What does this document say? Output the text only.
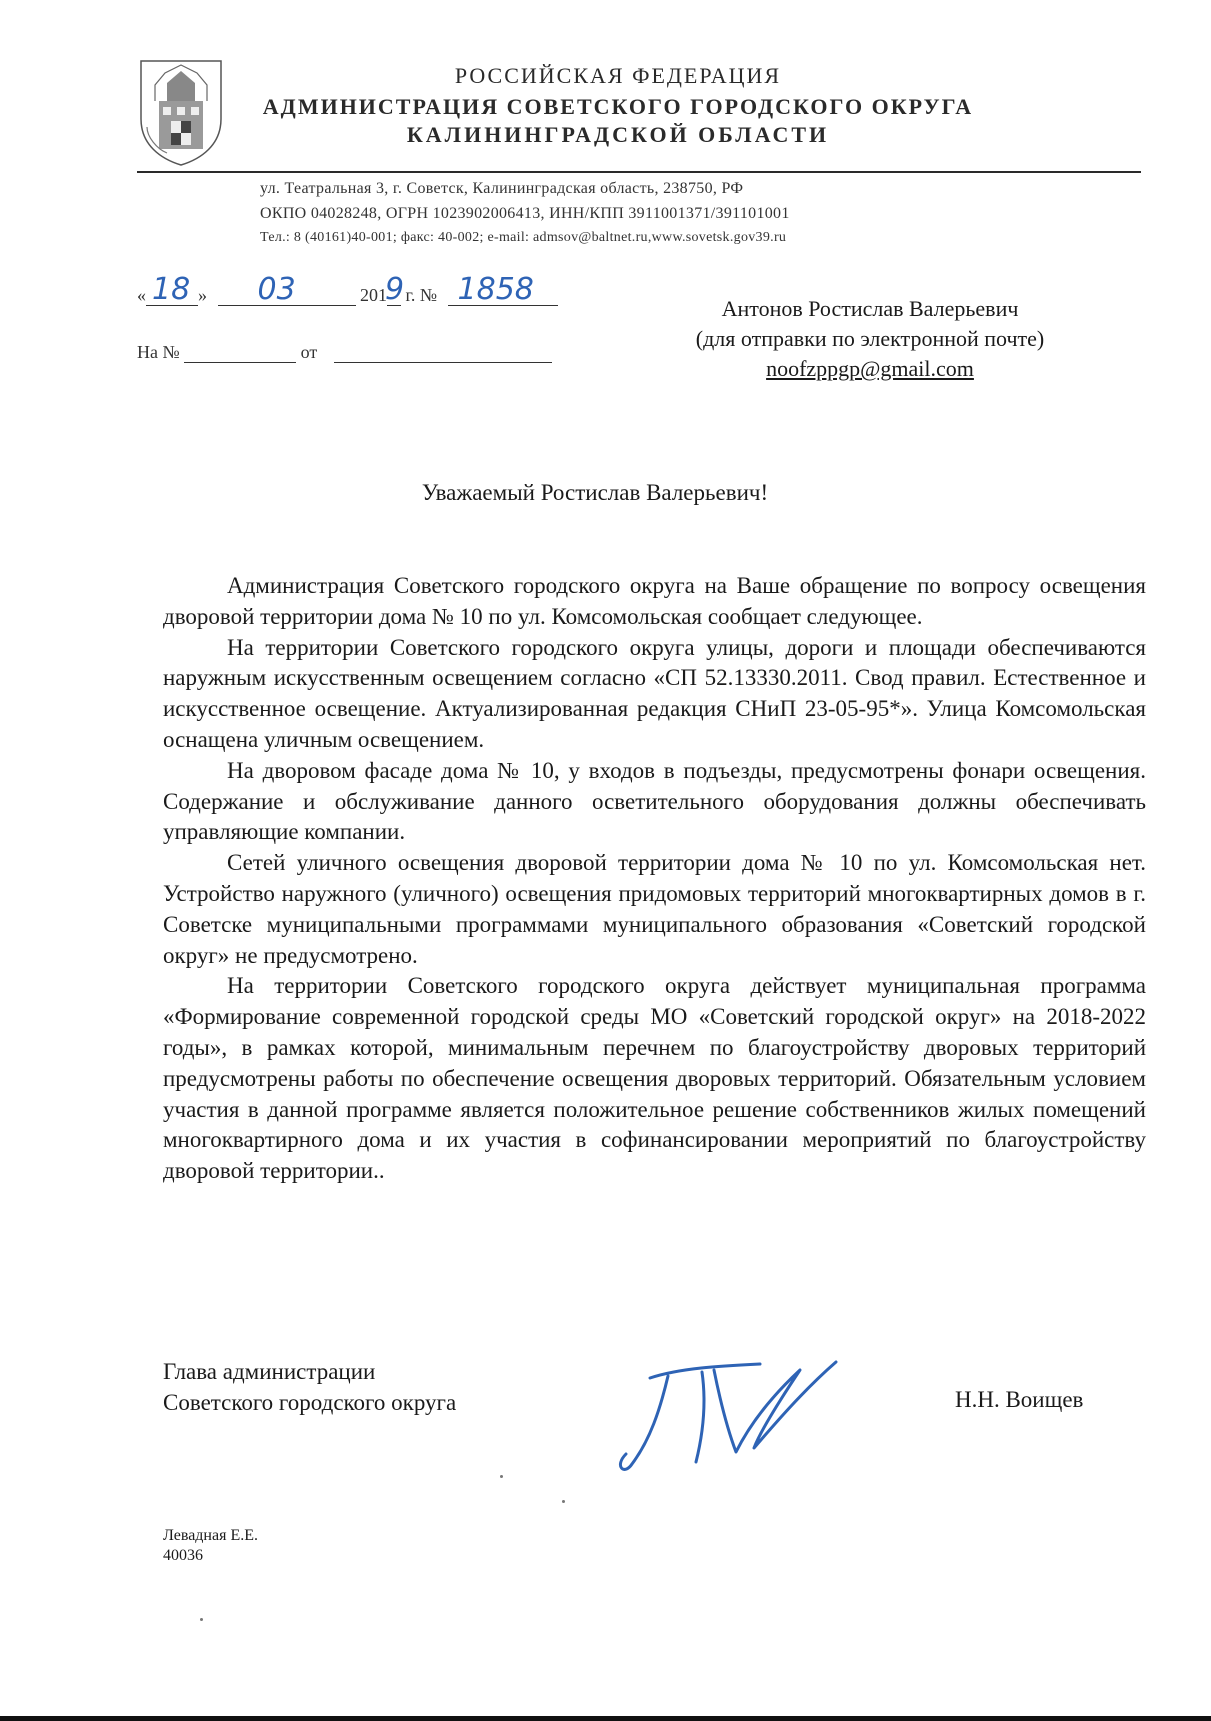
РОССИЙСКАЯ ФЕДЕРАЦИЯ
АДМИНИСТРАЦИЯ СОВЕТСКОГО ГОРОДСКОГО ОКРУГА
КАЛИНИНГРАДСКОЙ ОБЛАСТИ
ул. Театральная 3, г. Советск, Калининградская область, 238750, РФ
ОКПО 04028248, ОГРН 1023902006413, ИНН/КПП 3911001371/391101001
Тел.: 8 (40161)40-001; факс: 40-002; e-mail: admsov@baltnet.ru,www.sovetsk.gov39.ru
« 18 » 03	201
9
г. № 1858
На №	от
Антонов Ростислав Валерьевич
(для отправки по электронной почте)
noofzppgp@gmail.com
Уважаемый Ростислав Валерьевич!

Администрация Советского городского округа на Ваше обращение по вопросу освещения дворовой территории дома № 10 по ул. Комсомольская сообщает следующее.

На территории Советского городского округа улицы, дороги и площади обеспечиваются наружным искусственным освещением согласно «СП 52.13330.2011. Свод правил. Естественное и искусственное освещение. Актуализированная редакция СНиП 23-05-95*». Улица Комсомольская оснащена уличным освещением.

На дворовом фасаде дома № 10, у входов в подъезды, предусмотрены фонари освещения. Содержание и обслуживание данного осветительного оборудования должны обеспечивать управляющие компании.

Сетей уличного освещения дворовой территории дома № 10 по ул. Комсомольская нет. Устройство наружного (уличного) освещения придомовых территорий многоквартирных домов в г. Советске муниципальными программами муниципального образования «Советский городской округ» не предусмотрено.

На территории Советского городского округа действует муниципальная программа «Формирование современной городской среды МО «Советский городской округ» на 2018-2022 годы», в рамках которой, минимальным перечнем по благоустройству дворовых территорий предусмотрены работы по обеспечение освещения дворовых территорий. Обязательным условием участия в данной программе является положительное решение собственников жилых помещений многоквартирного дома и их участия в софинансировании мероприятий по благоустройству дворовой территории..

Глава администрации
Советского городского округа	Н.Н. Воищев
Левадная Е.Е.
40036
